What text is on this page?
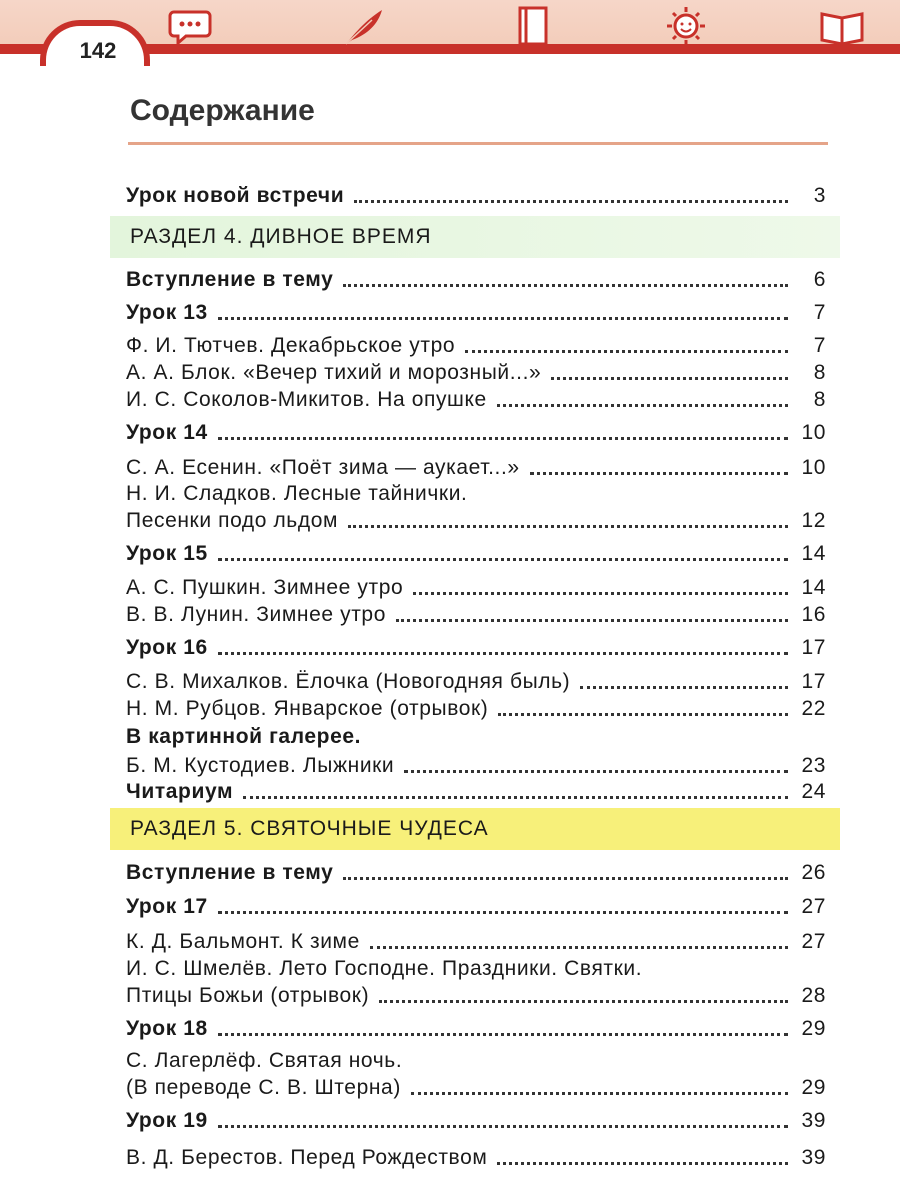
142
Содержание
Урок новой встречи	3
РАЗДЕЛ 4. ДИВНОЕ ВРЕМЯ
Вступление в тему	6
Урок 13	7
Ф. И. Тютчев. Декабрьское утро	7
А. А. Блок. «Вечер тихий и морозный...»	8
И. С. Соколов-Микитов. На опушке	8
Урок 14	10
С. А. Есенин. «Поёт зима — аукает...»	10
Н. И. Сладков. Лесные тайнички.
Песенки подо льдом	12
Урок 15	14
А. С. Пушкин. Зимнее утро	14
В. В. Лунин. Зимнее утро	16
Урок 16	17
С. В. Михалков. Ёлочка (Новогодняя быль)	17
Н. М. Рубцов. Январское (отрывок)	22
В картинной галерее.
Б. М. Кустодиев. Лыжники	23
Читариум	24
РАЗДЕЛ 5. СВЯТОЧНЫЕ ЧУДЕСА
Вступление в тему	26
Урок 17	27
К. Д. Бальмонт. К зиме	27
И. С. Шмелёв. Лето Господне. Праздники. Святки.
Птицы Божьи (отрывок)	28
Урок 18	29
С. Лагерлёф. Святая ночь.
(В переводе С. В. Штерна)	29
Урок 19	39
В. Д. Берестов. Перед Рождеством	39
